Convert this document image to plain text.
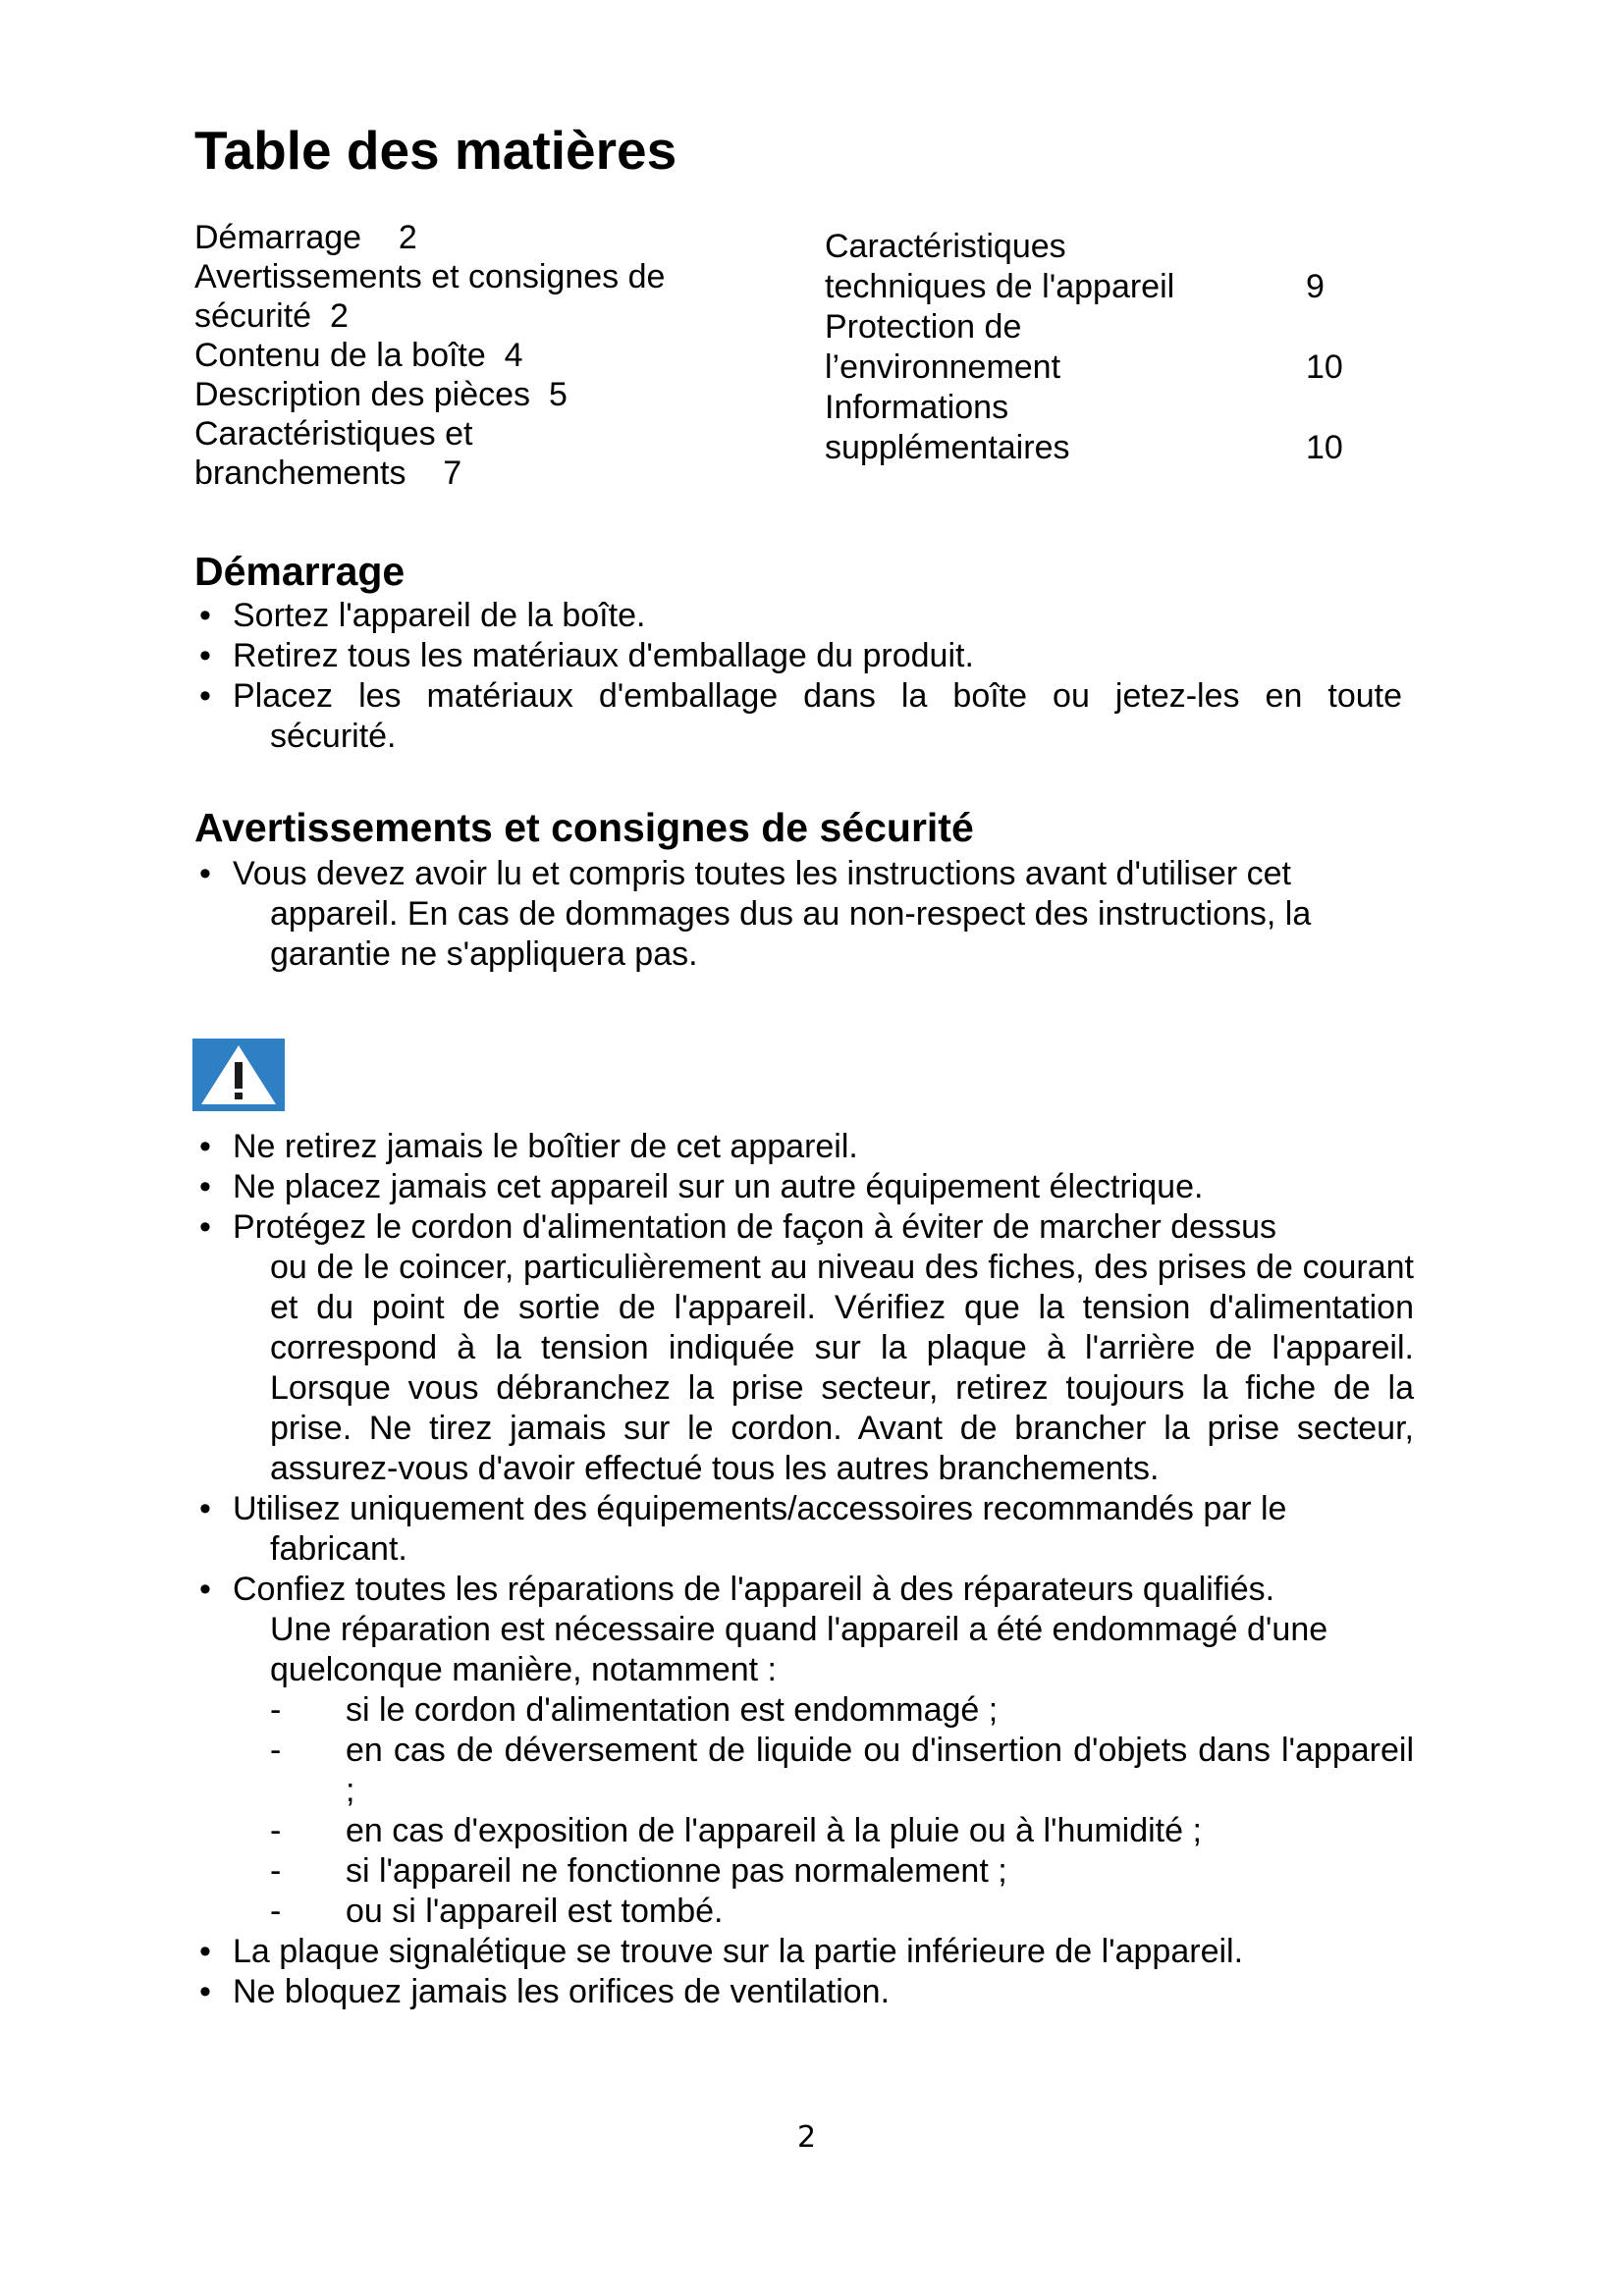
Table des matières
Démarrage    2
Avertissements et consignes de
sécurité  2
Contenu de la boîte  4
Description des pièces  5
Caractéristiques et
branchements    7
Caractéristiques
techniques de l'appareil	9
Protection de
l’environnement	10
Informations
supplémentaires	10
Démarrage
• Sortez l'appareil de la boîte.
• Retirez tous les matériaux d'emballage du produit.
• Placez les matériaux d'emballage dans la boîte ou jetez-les en toute
sécurité.
Avertissements et consignes de sécurité
• Vous devez avoir lu et compris toutes les instructions avant d'utiliser cet
appareil. En cas de dommages dus au non-respect des instructions, la garantie ne s'appliquera pas.
• Ne retirez jamais le boîtier de cet appareil.
• Ne placez jamais cet appareil sur un autre équipement électrique.
• Protégez le cordon d'alimentation de façon à éviter de marcher dessus
ou de le coincer, particulièrement au niveau des fiches, des prises de courant et du point de sortie de l'appareil. Vérifiez que la tension d'alimentation correspond à la tension indiquée sur la plaque à l'arrière de l'appareil. Lorsque vous débranchez la prise secteur, retirez toujours la fiche de la prise. Ne tirez jamais sur le cordon. Avant de brancher la prise secteur, assurez-vous d'avoir effectué tous les autres branchements.
• Utilisez uniquement des équipements/accessoires recommandés par le
fabricant.
• Confiez toutes les réparations de l'appareil à des réparateurs qualifiés.
Une réparation est nécessaire quand l'appareil a été endommagé d'une quelconque manière, notamment :
- si le cordon d'alimentation est endommagé ;
- en cas de déversement de liquide ou d'insertion d'objets dans l'appareil ;
- en cas d'exposition de l'appareil à la pluie ou à l'humidité ;
- si l'appareil ne fonctionne pas normalement ;
- ou si l'appareil est tombé.
• La plaque signalétique se trouve sur la partie inférieure de l'appareil.
• Ne bloquez jamais les orifices de ventilation.
2
